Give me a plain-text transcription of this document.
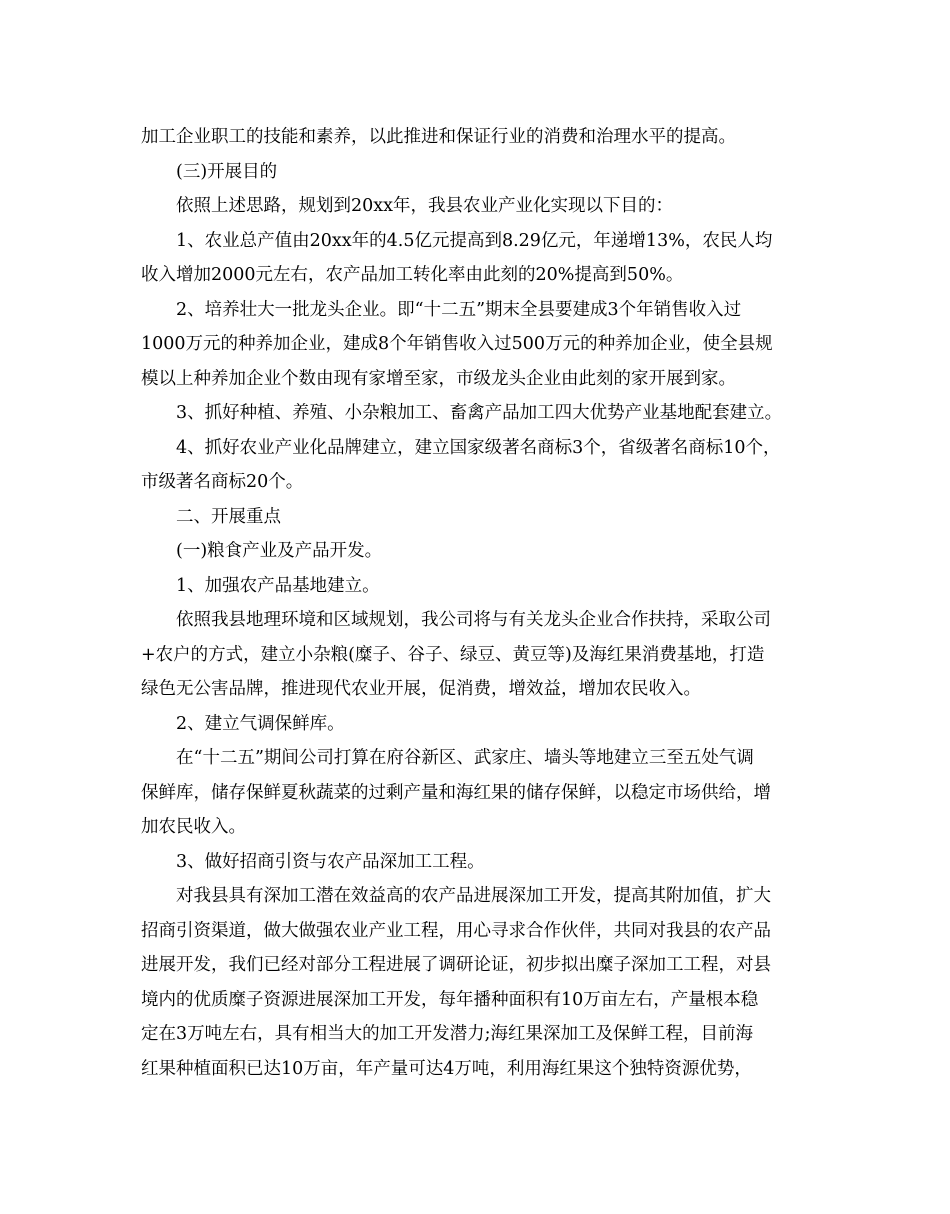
加工企业职工的技能和素养，以此推进和保证行业的消费和治理水平的提高。
(三)开展目的
依照上述思路，规划到20xx年，我县农业产业化实现以下目的：
1、农业总产值由20xx年的4.5亿元提高到8.29亿元，年递增13%，农民人均
收入增加2000元左右，农产品加工转化率由此刻的20%提高到50%。
2、培养壮大一批龙头企业。即“十二五”期末全县要建成3个年销售收入过
1000万元的种养加企业，建成8个年销售收入过500万元的种养加企业，使全县规
模以上种养加企业个数由现有家增至家，市级龙头企业由此刻的家开展到家。
3、抓好种植、养殖、小杂粮加工、畜禽产品加工四大优势产业基地配套建立。
4、抓好农业产业化品牌建立，建立国家级著名商标3个，省级著名商标10个，
市级著名商标20个。
二、开展重点
(一)粮食产业及产品开发。
1、加强农产品基地建立。
依照我县地理环境和区域规划，我公司将与有关龙头企业合作扶持，采取公司
+农户的方式，建立小杂粮(糜子、谷子、绿豆、黄豆等)及海红果消费基地，打造
绿色无公害品牌，推进现代农业开展，促消费，增效益，增加农民收入。
2、建立气调保鲜库。
在“十二五”期间公司打算在府谷新区、武家庄、墙头等地建立三至五处气调
保鲜库，储存保鲜夏秋蔬菜的过剩产量和海红果的储存保鲜，以稳定市场供给，增
加农民收入。
3、做好招商引资与农产品深加工工程。
对我县具有深加工潜在效益高的农产品进展深加工开发，提高其附加值，扩大
招商引资渠道，做大做强农业产业工程，用心寻求合作伙伴，共同对我县的农产品
进展开发，我们已经对部分工程进展了调研论证，初步拟出糜子深加工工程，对县
境内的优质糜子资源进展深加工开发，每年播种面积有10万亩左右，产量根本稳
定在3万吨左右，具有相当大的加工开发潜力;海红果深加工及保鲜工程，目前海
红果种植面积已达10万亩，年产量可达4万吨，利用海红果这个独特资源优势，
